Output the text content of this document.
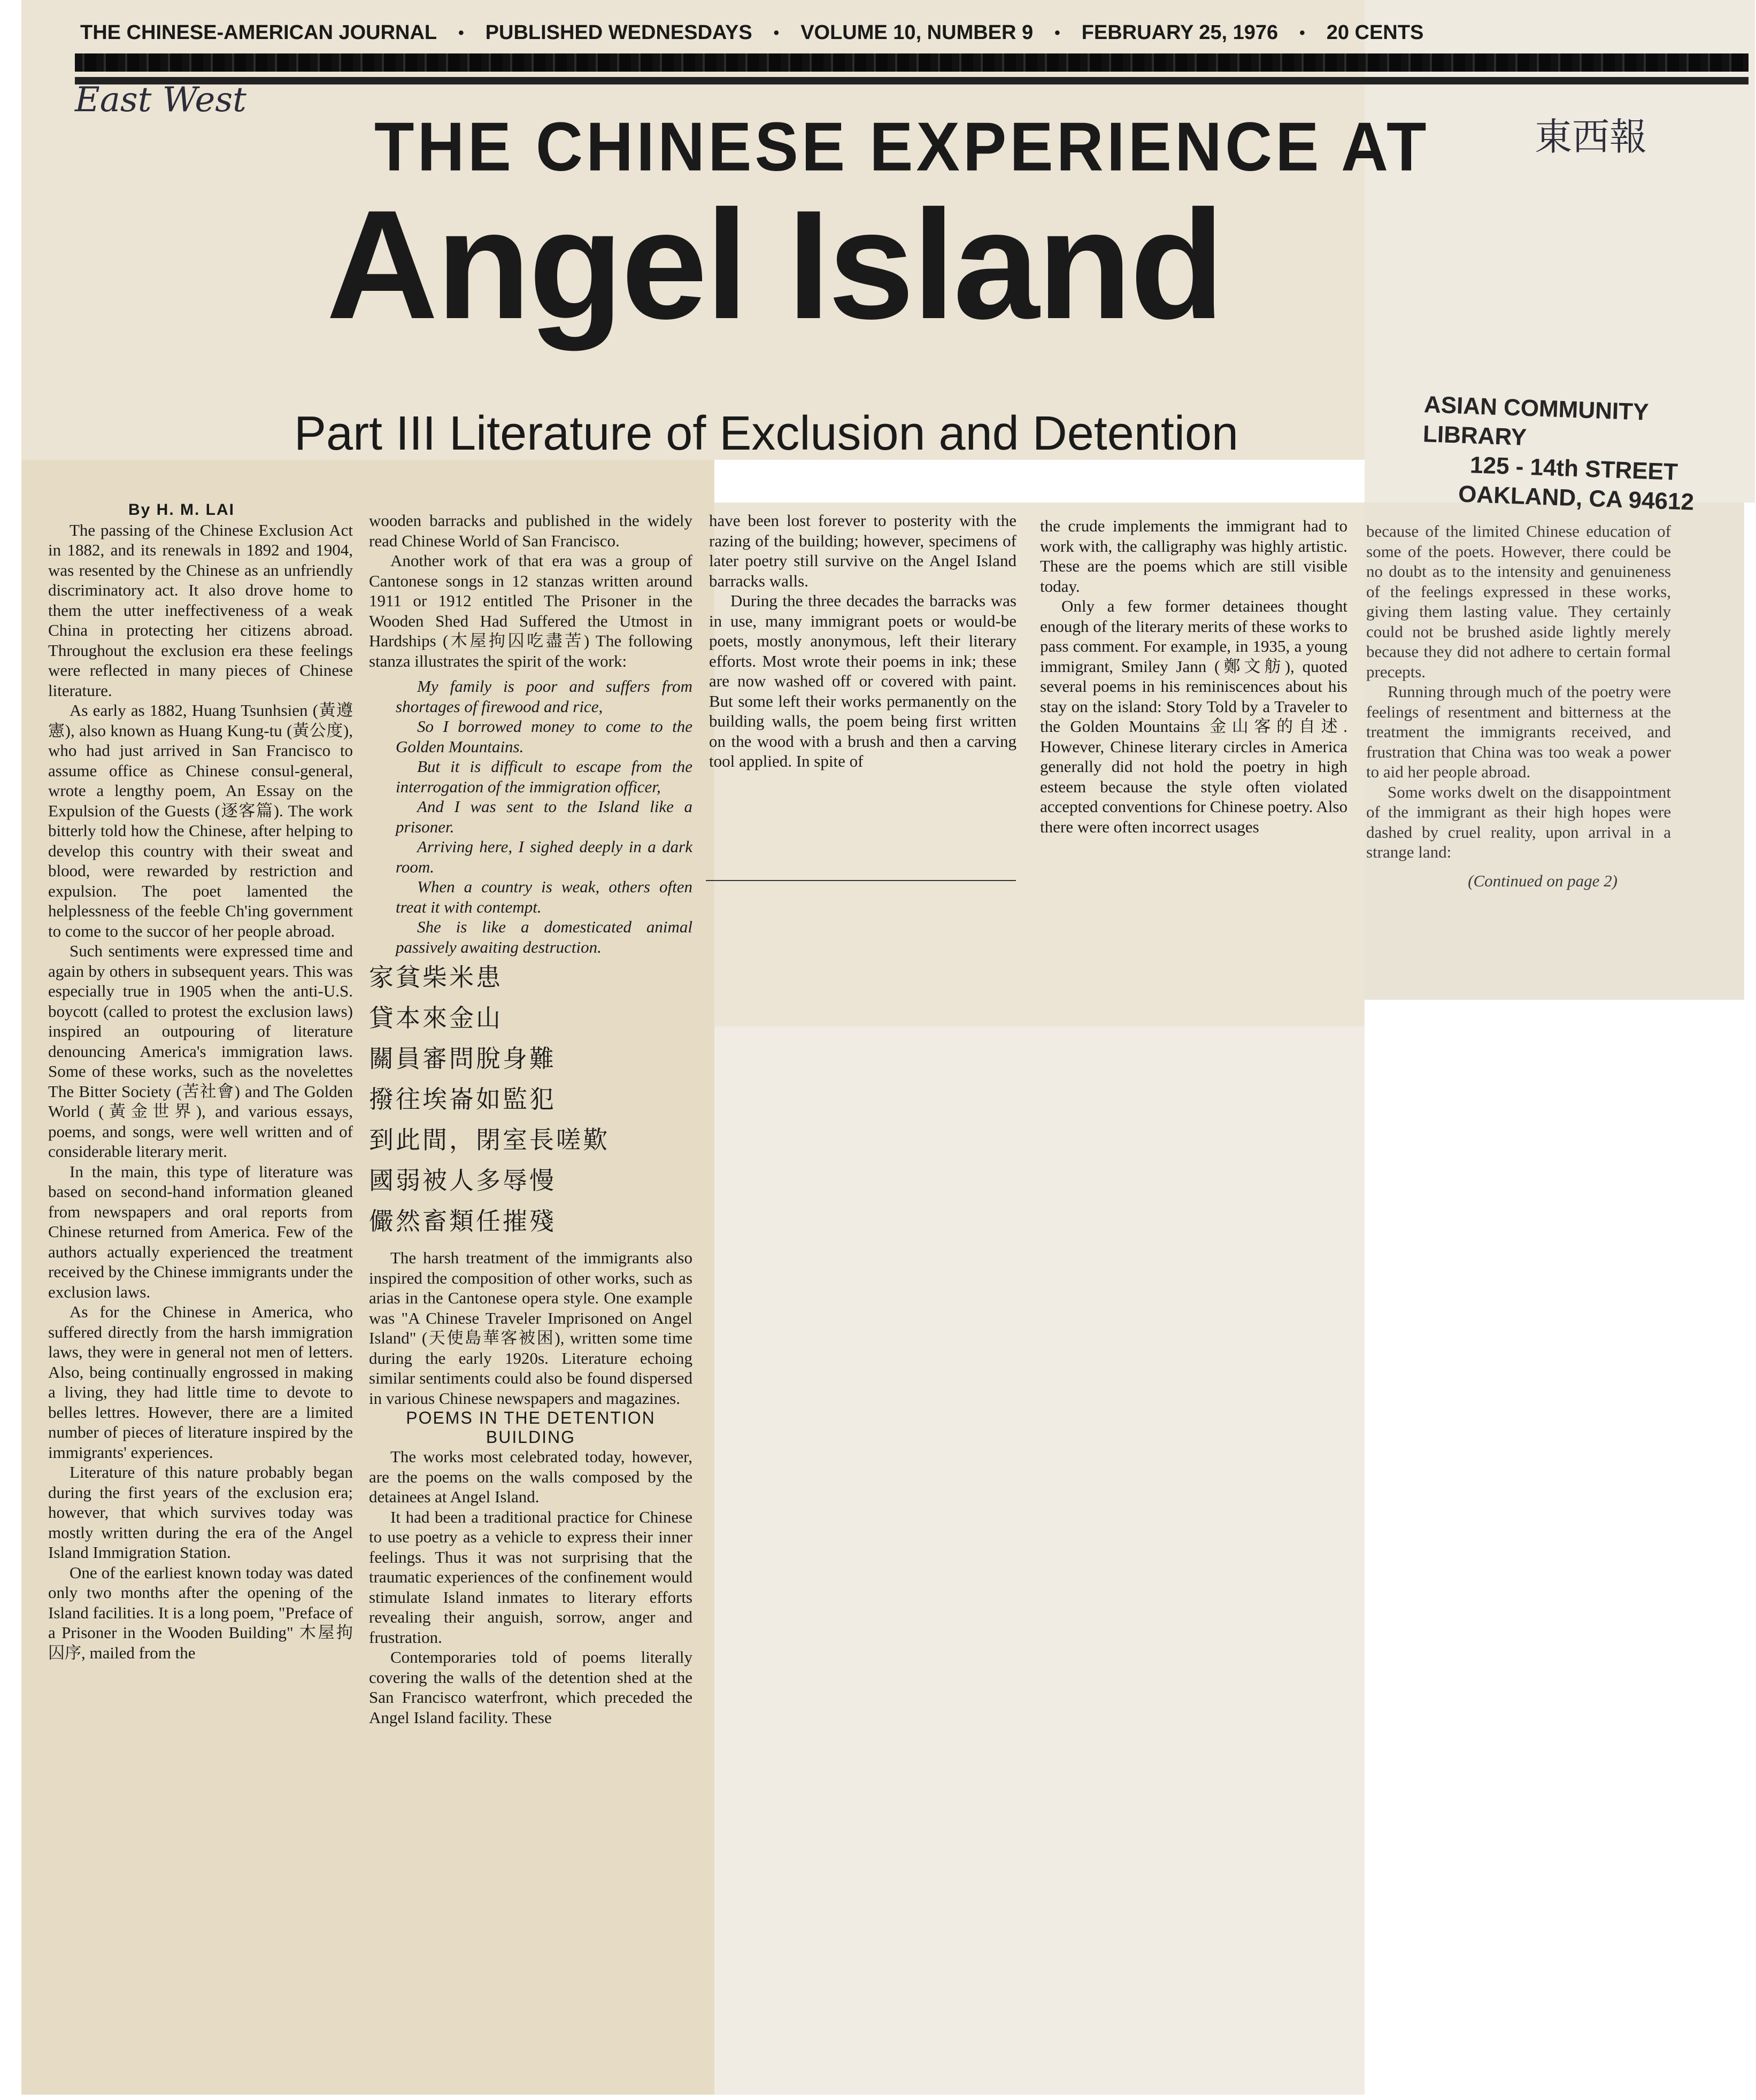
THE CHINESE-AMERICAN JOURNAL • PUBLISHED WEDNESDAYS • VOLUME 10, NUMBER 9 • FEBRUARY 25, 1976 • 20 CENTS
East West
東西報
THE CHINESE EXPERIENCE AT
Angel Island
Part III Literature of Exclusion and Detention	ASIAN COMMUNITY LIBRARY
125 - 14th STREET
OAKLAND, CA 94612

By H. M. LAI

The passing of the Chinese Exclusion Act in 1882, and its renewals in 1892 and 1904, was resented by the Chinese as an unfriendly discriminatory act. It also drove home to them the utter ineffectiveness of a weak China in protecting her citizens abroad. Throughout the exclusion era these feelings were reflected in many pieces of Chinese literature.

As early as 1882, Huang Tsunhsien (黃遵憲), also known as Huang Kung-tu (黃公度), who had just arrived in San Francisco to assume office as Chinese consul-general, wrote a lengthy poem, An Essay on the Expulsion of the Guests (逐客篇). The work bitterly told how the Chinese, after helping to develop this country with their sweat and blood, were rewarded by restriction and expulsion. The poet lamented the helplessness of the feeble Ch'ing government to come to the succor of her people abroad.

Such sentiments were expressed time and again by others in subsequent years. This was especially true in 1905 when the anti-U.S. boycott (called to protest the exclusion laws) inspired an outpouring of literature denouncing America's immigration laws. Some of these works, such as the novelettes The Bitter Society (苦社會) and The Golden World (黃金世界), and various essays, poems, and songs, were well written and of considerable literary merit.

In the main, this type of literature was based on second-hand information gleaned from newspapers and oral reports from Chinese returned from America. Few of the authors actually experienced the treatment received by the Chinese immigrants under the exclusion laws.

As for the Chinese in America, who suffered directly from the harsh immigration laws, they were in general not men of letters. Also, being continually engrossed in making a living, they had little time to devote to belles lettres. However, there are a limited number of pieces of literature inspired by the immigrants' experiences.

Literature of this nature probably began during the first years of the exclusion era; however, that which survives today was mostly written during the era of the Angel Island Immigration Station.

One of the earliest known today was dated only two months after the opening of the Island facilities. It is a long poem, "Preface of a Prisoner in the Wooden Building" 木屋拘囚序, mailed from the

wooden barracks and published in the widely read Chinese World of San Francisco.

Another work of that era was a group of Cantonese songs in 12 stanzas written around 1911 or 1912 entitled The Prisoner in the Wooden Shed Had Suffered the Utmost in Hardships (木屋拘囚吃盡苦) The following stanza illustrates the spirit of the work:

My family is poor and suffers from shortages of firewood and rice,

So I borrowed money to come to the Golden Mountains.

But it is difficult to escape from the interrogation of the immigration officer,

And I was sent to the Island like a prisoner.

Arriving here, I sighed deeply in a dark room.

When a country is weak, others often treat it with contempt.

She is like a domesticated animal passively awaiting destruction.

家貧柴米患

貸本來金山

關員審問脫身難

撥往埃崙如監犯

到此間，閉室長嗟歎

國弱被人多辱慢

儼然畜類任摧殘

The harsh treatment of the immigrants also inspired the composition of other works, such as arias in the Cantonese opera style. One example was "A Chinese Traveler Imprisoned on Angel Island" (天使島華客被困), written some time during the early 1920s. Literature echoing similar sentiments could also be found dispersed in various Chinese newspapers and magazines.

POEMS IN THE DETENTION BUILDING

The works most celebrated today, however, are the poems on the walls composed by the detainees at Angel Island.

It had been a traditional practice for Chinese to use poetry as a vehicle to express their inner feelings. Thus it was not surprising that the traumatic experiences of the confinement would stimulate Island inmates to literary efforts revealing their anguish, sorrow, anger and frustration.

Contemporaries told of poems literally covering the walls of the detention shed at the San Francisco waterfront, which preceded the Angel Island facility. These

have been lost forever to posterity with the razing of the building; however, specimens of later poetry still survive on the Angel Island barracks walls.

During the three decades the barracks was in use, many immigrant poets or would-be poets, mostly anonymous, left their literary efforts. Most wrote their poems in ink; these are now washed off or covered with paint. But some left their works permanently on the building walls, the poem being first written on the wood with a brush and then a carving tool applied. In spite of

the crude implements the immigrant had to work with, the calligraphy was highly artistic. These are the poems which are still visible today.

Only a few former detainees thought enough of the literary merits of these works to pass comment. For example, in 1935, a young immigrant, Smiley Jann (鄭文舫), quoted several poems in his reminiscences about his stay on the island: Story Told by a Traveler to the Golden Mountains 金山客的自述. However, Chinese literary circles in America generally did not hold the poetry in high esteem because the style often violated accepted conventions for Chinese poetry. Also there were often incorrect usages

because of the limited Chinese education of some of the poets. However, there could be no doubt as to the intensity and genuineness of the feelings expressed in these works, giving them lasting value. They certainly could not be brushed aside lightly merely because they did not adhere to certain formal precepts.

Running through much of the poetry were feelings of resentment and bitterness at the treatment the immigrants received, and frustration that China was too weak a power to aid her people abroad.

Some works dwelt on the disappointment of the immigrant as their high hopes were dashed by cruel reality, upon arrival in a strange land:

(Continued on page 2)
